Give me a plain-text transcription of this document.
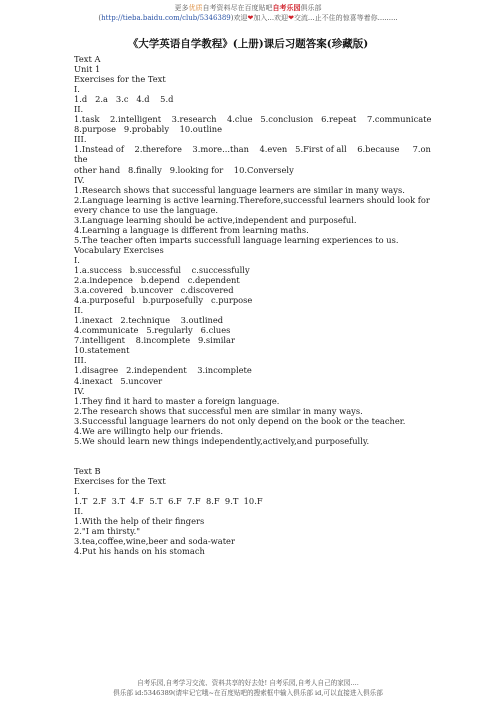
更多优质自考资料尽在百度贴吧自考乐园俱乐部
(http://tieba.baidu.com/club/5346389)欢迎❤加入...欢迎❤交流...止不住的惊喜等着你.........
《大学英语自学教程》(上册)课后习题答案(珍藏版)
Text A
Unit 1
Exercises for the Text
I.
1.d   2.a   3.c   4.d    5.d
II.
1.task    2.intelligent    3.research    4.clue   5.conclusion   6.repeat    7.communicate
8.purpose   9.probably    10.outline
III.
1.Instead of    2.therefore    3.more...than    4.even   5.First of all    6.because     7.on the
other hand   8.finally   9.looking for    10.Conversely
IV.
1.Research shows that successful language learners are similar in many ways.
2.Language learning is active learning.Therefore,successful learners should look for
every chance to use the language.
3.Language learning should be active,independent and purposeful.
4.Learning a language is different from learning maths.
5.The teacher often imparts successfull language learning experiences to us.
Vocabulary Exercises
I.
1.a.success   b.successful    c.successfully
2.a.indepence   b.depend   c.dependent
3.a.covered   b.uncover   c.discovered
4.a.purposeful   b.purposefully   c.purpose
II.
1.inexact   2.technique    3.outlined
4.communicate   5.regularly   6.clues
7.intelligent    8.incomplete   9.similar
10.statement
III.
1.disagree   2.independent    3.incomplete
4.inexact   5.uncover
IV.
1.They find it hard to master a foreign language.
2.The research shows that successful men are similar in many ways.
3.Successful language learners do not only depend on the book or the teacher.
4.We are willingto help our friends.
5.We should learn new things independently,actively,and purposefully.
Text B
Exercises for the Text
I.
1.T  2.F  3.T  4.F  5.T  6.F  7.F  8.F  9.T  10.F
II.
1.With the help of their fingers
2."I am thirsty."
3.tea,coffee,wine,beer and soda-water
4.Put his hands on his stomach
自考乐园,自考学习交流、资料共享的好去处! 自考乐园,自考人自己的家园....
俱乐部 id:5346389(请牢记它哦~在百度贴吧的搜索框中输入俱乐部 id,可以直接进入俱乐部
